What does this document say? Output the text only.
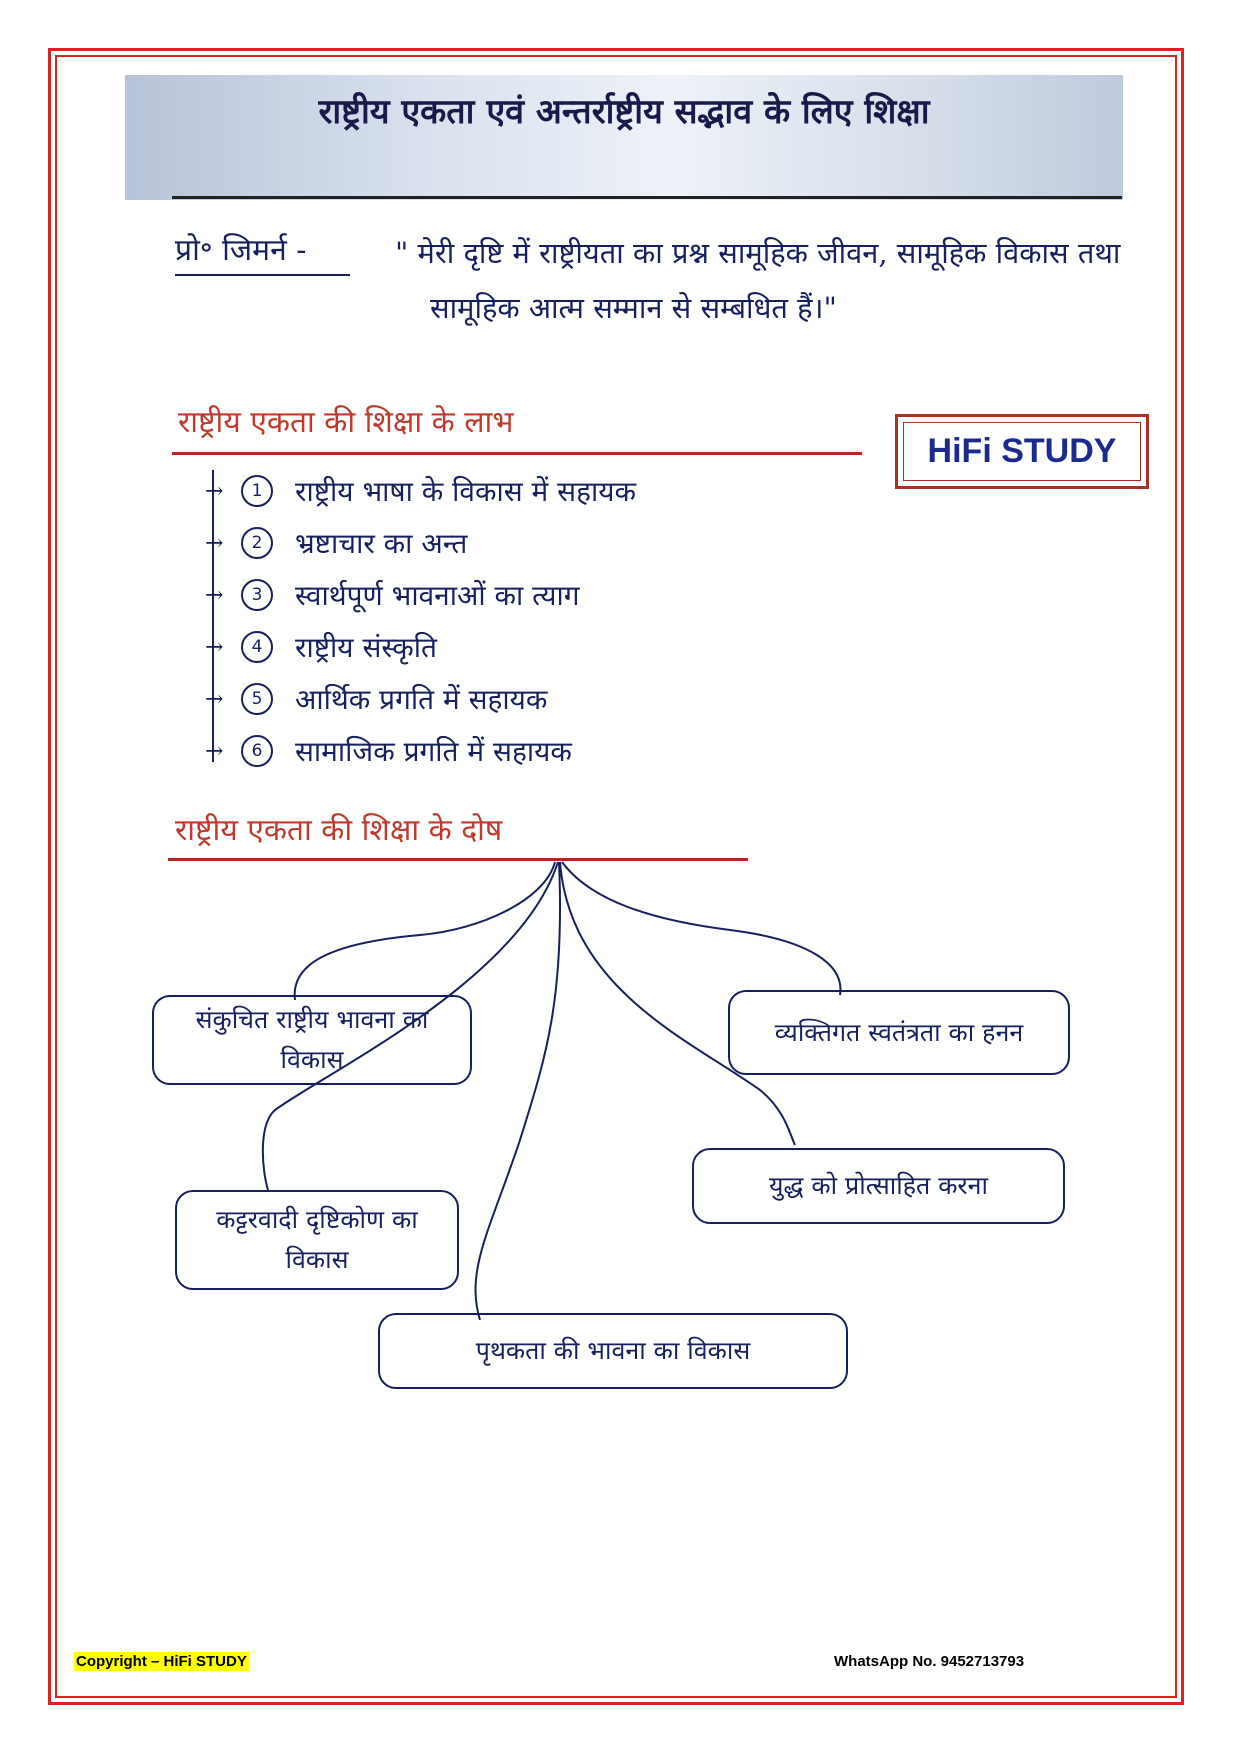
राष्ट्रीय एकता एवं अन्तर्राष्ट्रीय सद्भाव के लिए शिक्षा
प्रो॰ जिमर्न -	" मेरी दृष्टि में राष्ट्रीयता का प्रश्न सामूहिक जीवन, सामूहिक विकास तथा सामूहिक आत्म सम्मान से सम्बधित हैं।"
राष्ट्रीय एकता की शिक्षा के लाभ
HiFi STUDY
→	1	राष्ट्रीय भाषा के विकास में सहायक
→	2	भ्रष्टाचार का अन्त
→	3	स्वार्थपूर्ण भावनाओं का त्याग
→	4	राष्ट्रीय संस्कृति
→	5	आर्थिक प्रगति में सहायक
→	6	सामाजिक प्रगति में सहायक
राष्ट्रीय एकता की शिक्षा के दोष
संकुचित राष्ट्रीय भावना का विकास
व्यक्तिगत स्वतंत्रता का हनन
कट्टरवादी दृष्टिकोण का विकास
युद्ध को प्रोत्साहित करना
पृथकता की भावना का विकास
Copyright – HiFi STUDY	WhatsApp No. 9452713793
